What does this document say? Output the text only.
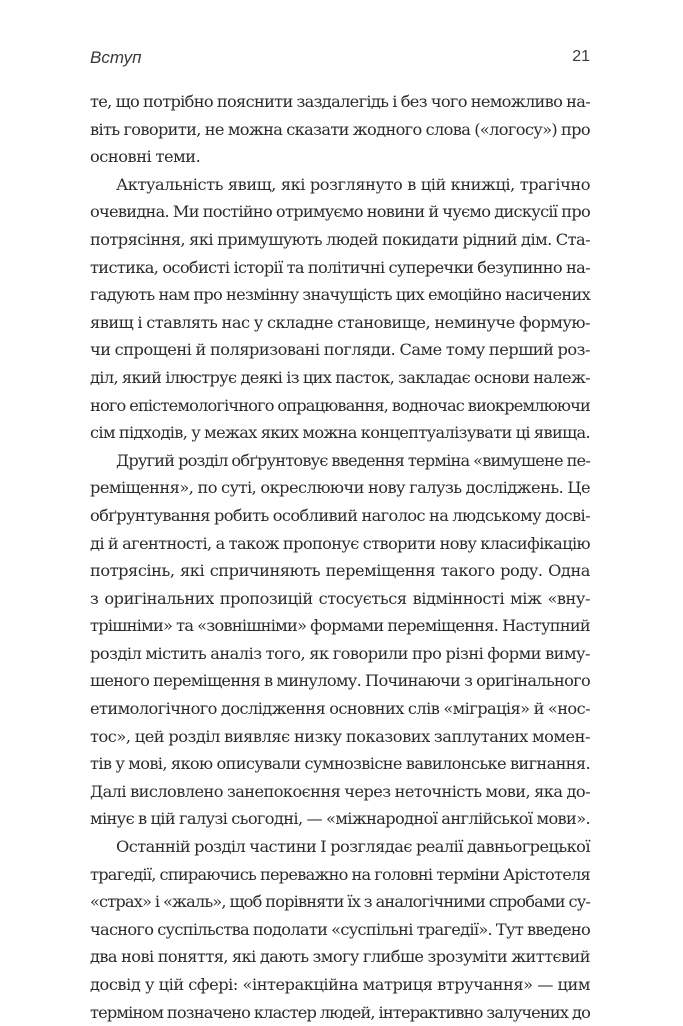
Вступ	21

те, що потрібно пояснити заздалегідь і без чого неможливо на-
віть говорити, не можна сказати жодного слова («логосу») про
основні теми.

Актуальність явищ, які розглянуто в цій книжці, трагічно
очевидна. Ми постійно отримуємо новини й чуємо дискусії про
потрясіння, які примушують людей покидати рідний дім. Ста-
тистика, особисті історії та політичні суперечки безупинно на-
гадують нам про незмінну значущість цих емоційно насичених
явищ і ставлять нас у складне становище, неминуче формую-
чи спрощені й поляризовані погляди. Саме тому перший роз-
діл, який ілюструє деякі із цих пасток, закладає основи належ-
ного епістемологічного опрацювання, водночас виокремлюючи
сім підходів, у межах яких можна концептуалізувати ці явища.

Другий розділ обґрунтовує введення терміна «вимушене пе-
реміщення», по суті, окреслюючи нову галузь досліджень. Це
обґрунтування робить особливий наголос на людському досві-
ді й агентності, а також пропонує створити нову класифікацію
потрясінь, які спричиняють переміщення такого роду. Одна
з оригінальних пропозицій стосується відмінності між «вну-
трішніми» та «зовнішніми» формами переміщення. Наступний
розділ містить аналіз того, як говорили про різні форми виму-
шеного переміщення в минулому. Починаючи з оригінального
етимологічного дослідження основних слів «міграція» й «нос-
тос», цей розділ виявляє низку показових заплутаних момен-
тів у мові, якою описували сумнозвісне вавилонське вигнання.
Далі висловлено занепокоєння через неточність мови, яка до-
мінує в цій галузі сьогодні, — «міжнародної англійської мови».

Останній розділ частини I розглядає реалії давньогрецької
трагедії, спираючись переважно на головні терміни Арістотеля
«страх» і «жаль», щоб порівняти їх з аналогічними спробами су-
часного суспільства подолати «суспільні трагедії». Тут введено
два нові поняття, які дають змогу глибше зрозуміти життєвий
досвід у цій сфері: «інтеракційна матриця втручання» — цим
терміном позначено кластер людей, інтерактивно залучених до
